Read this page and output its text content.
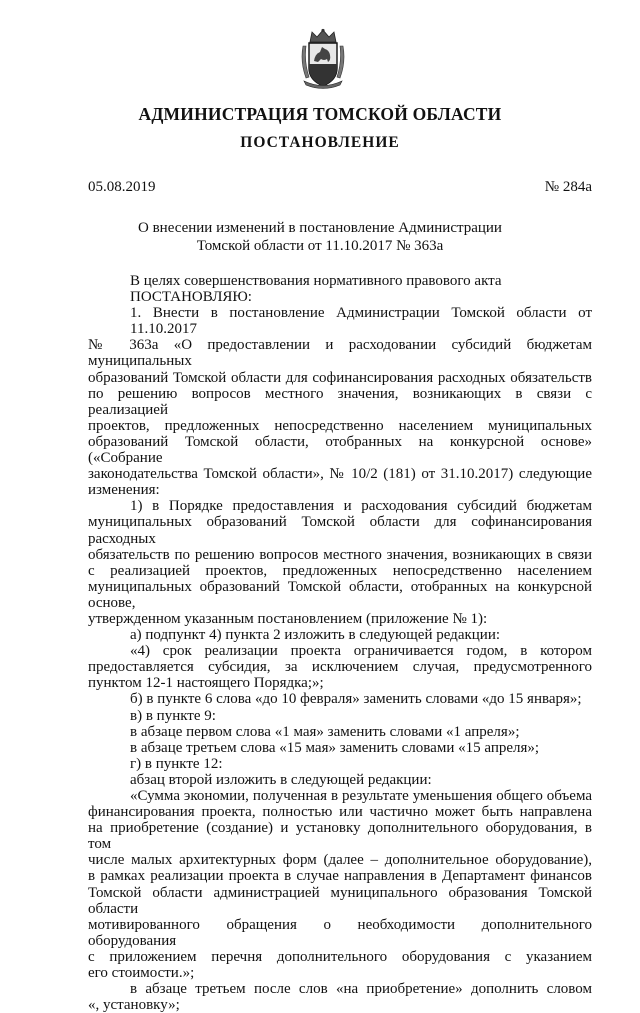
АДМИНИСТРАЦИЯ ТОМСКОЙ ОБЛАСТИ
ПОСТАНОВЛЕНИЕ
05.08.2019	№ 284а
О внесении изменений в постановление Администрации
Томской области от 11.10.2017 № 363а

В целях совершенствования нормативного правового акта

ПОСТАНОВЛЯЮ:

1. Внести в постановление Администрации Томской области от 11.10.2017

№ 363а «О предоставлении и расходовании субсидий бюджетам муниципальных

образований Томской области для софинансирования расходных обязательств

по решению вопросов местного значения, возникающих в связи с реализацией

проектов, предложенных непосредственно населением муниципальных

образований Томской области, отобранных на конкурсной основе» («Собрание

законодательства Томской области», № 10/2 (181) от 31.10.2017) следующие

изменения:

1) в Порядке предоставления и расходования субсидий бюджетам

муниципальных образований Томской области для софинансирования расходных

обязательств по решению вопросов местного значения, возникающих в связи

с реализацией проектов, предложенных непосредственно населением

муниципальных образований Томской области, отобранных на конкурсной основе,

утвержденном указанным постановлением (приложение № 1):

а) подпункт 4) пункта 2 изложить в следующей редакции:

«4) срок реализации проекта ограничивается годом, в котором

предоставляется субсидия, за исключением случая, предусмотренного

пунктом 12-1 настоящего Порядка;»;

б) в пункте 6 слова «до 10 февраля» заменить словами «до 15 января»;

в) в пункте 9:

в абзаце первом слова «1 мая» заменить словами «1 апреля»;

в абзаце третьем слова «15 мая» заменить словами «15 апреля»;

г) в пункте 12:

абзац второй изложить в следующей редакции:

«Сумма экономии, полученная в результате уменьшения общего объема

финансирования проекта, полностью или частично может быть направлена

на приобретение (создание) и установку дополнительного оборудования, в том

числе малых архитектурных форм (далее – дополнительное оборудование),

в рамках реализации проекта в случае направления в Департамент финансов

Томской области администрацией муниципального образования Томской области

мотивированного обращения о необходимости дополнительного оборудования

с приложением перечня дополнительного оборудования с указанием

его стоимости.»;

в абзаце третьем после слов «на приобретение» дополнить словом

«, установку»;
